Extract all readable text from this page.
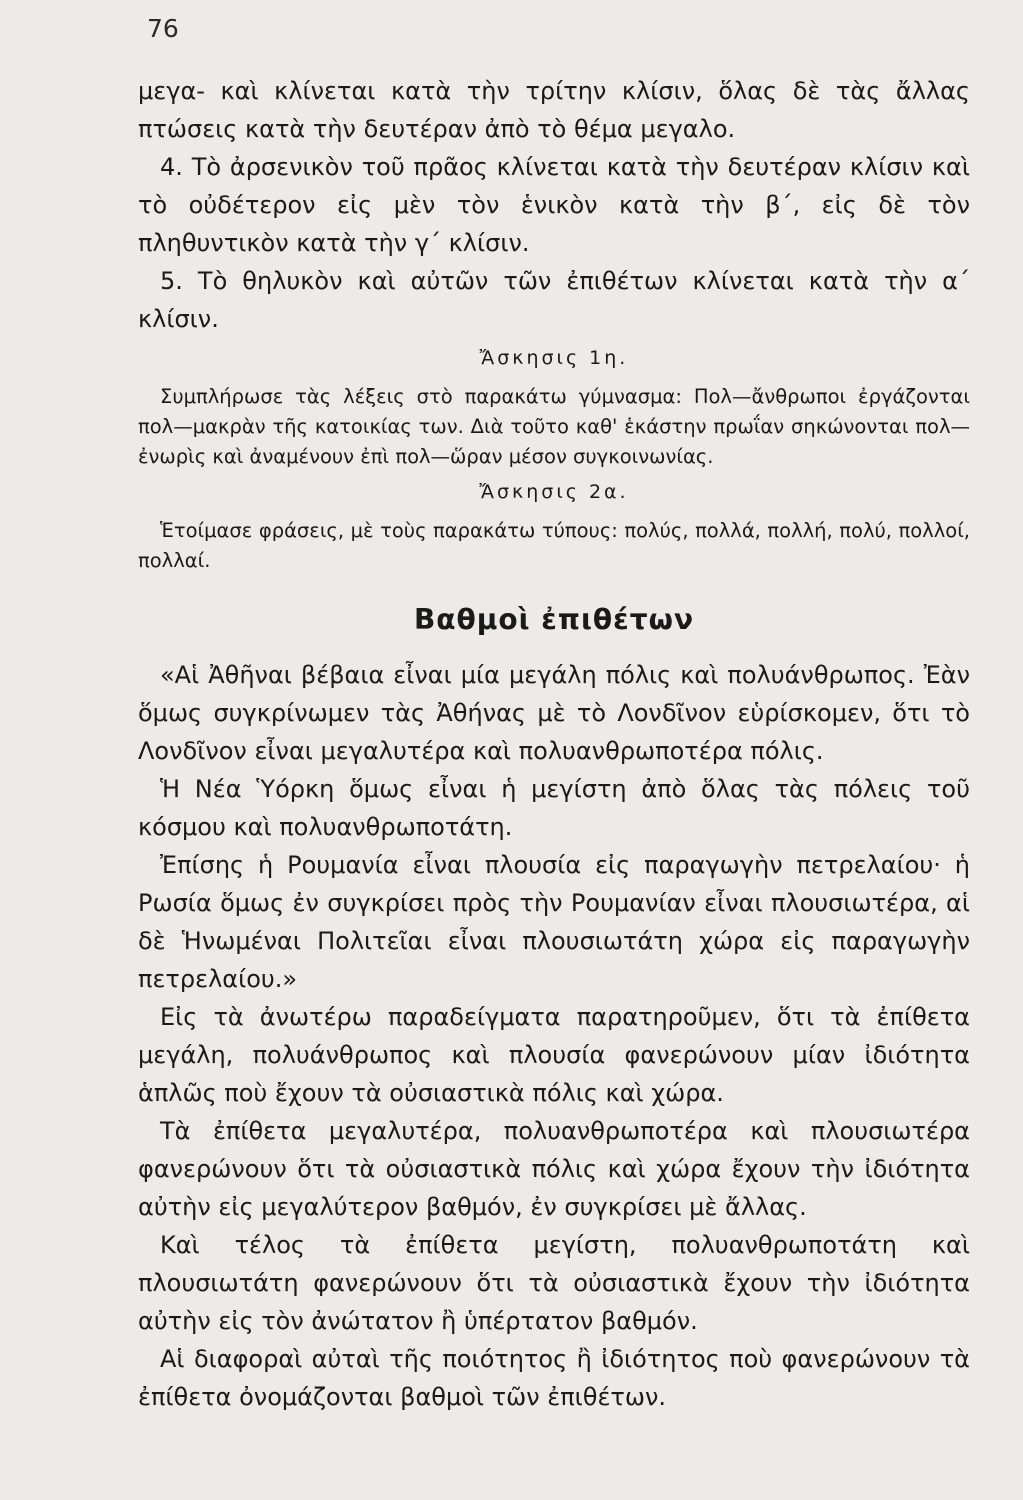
76

μεγα- καὶ κλίνεται κατὰ τὴν τρίτην κλίσιν, ὅλας δὲ τὰς ἄλλας πτώσεις κατὰ τὴν δευτέραν ἀπὸ τὸ θέμα μεγαλο.

4. Τὸ ἀρσενικὸν τοῦ πρᾶος κλίνεται κατὰ τὴν δευτέραν κλίσιν καὶ τὸ οὐδέτερον εἰς μὲν τὸν ἑνικὸν κατὰ τὴν β΄, εἰς δὲ τὸν πληθυντικὸν κατὰ τὴν γ΄ κλίσιν.

5. Τὸ θηλυκὸν καὶ αὐτῶν τῶν ἐπιθέτων κλίνεται κατὰ τὴν α΄ κλίσιν.

Ἄσκησις 1η.

Συμπλήρωσε τὰς λέξεις στὸ παρακάτω γύμνασμα: Πολ—ἄνθρωποι ἐργάζονται πολ—μακρὰν τῆς κατοικίας των. Διὰ τοῦτο καθ' ἑκάστην πρωΐαν σηκώνονται πολ—ἐνωρὶς καὶ ἀναμένουν ἐπὶ πολ—ὥραν μέσον συγκοινωνίας.

Ἄσκησις 2α.

Ἑτοίμασε φράσεις, μὲ τοὺς παρακάτω τύπους: πολύς, πολλά, πολλή, πολύ, πολλοί, πολλαί.

Βαθμοὶ ἐπιθέτων

«Αἱ Ἀθῆναι βέβαια εἶναι μία μεγάλη πόλις καὶ πολυάνθρωπος. Ἐὰν ὅμως συγκρίνωμεν τὰς Ἀθήνας μὲ τὸ Λονδῖνον εὑρίσκομεν, ὅτι τὸ Λονδῖνον εἶναι μεγαλυτέρα καὶ πολυανθρωποτέρα πόλις.

Ἡ Νέα Ὑόρκη ὅμως εἶναι ἡ μεγίστη ἀπὸ ὅλας τὰς πόλεις τοῦ κόσμου καὶ πολυανθρωποτάτη.

Ἐπίσης ἡ Ρουμανία εἶναι πλουσία εἰς παραγωγὴν πετρελαίου· ἡ Ρωσία ὅμως ἐν συγκρίσει πρὸς τὴν Ρουμανίαν εἶναι πλουσιωτέρα, αἱ δὲ Ἡνωμέναι Πολιτεῖαι εἶναι πλουσιωτάτη χώρα εἰς παραγωγὴν πετρελαίου.»

Εἰς τὰ ἀνωτέρω παραδείγματα παρατηροῦμεν, ὅτι τὰ ἐπίθετα μεγάλη, πολυάνθρωπος καὶ πλουσία φανερώνουν μίαν ἰδιότητα ἁπλῶς ποὺ ἔχουν τὰ οὐσιαστικὰ πόλις καὶ χώρα.

Τὰ ἐπίθετα μεγαλυτέρα, πολυανθρωποτέρα καὶ πλουσιωτέρα φανερώνουν ὅτι τὰ οὐσιαστικὰ πόλις καὶ χώρα ἔχουν τὴν ἰδιότητα αὐτὴν εἰς μεγαλύτερον βαθμόν, ἐν συγκρίσει μὲ ἄλλας.

Καὶ τέλος τὰ ἐπίθετα μεγίστη, πολυανθρωποτάτη καὶ πλουσιωτάτη φανερώνουν ὅτι τὰ οὐσιαστικὰ ἔχουν τὴν ἰδιότητα αὐτὴν εἰς τὸν ἀνώτατον ἢ ὑπέρτατον βαθμόν.

Αἱ διαφοραὶ αὐταὶ τῆς ποιότητος ἢ ἰδιότητος ποὺ φανερώνουν τὰ ἐπίθετα ὀνομάζονται βαθμοὶ τῶν ἐπιθέτων.
